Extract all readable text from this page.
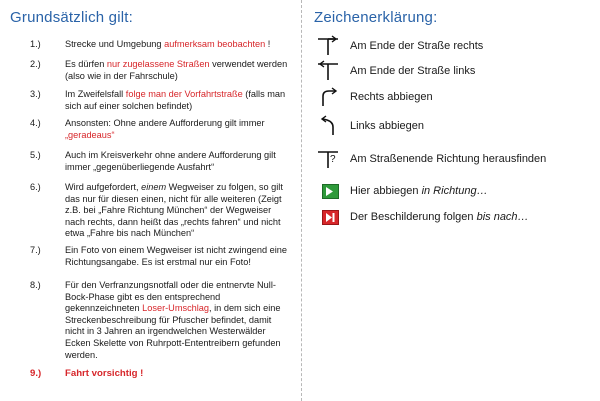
Grundsätzlich gilt:
1.)	Strecke und Umgebung aufmerksam beobachten !
2.)	Es dürfen nur zugelassene Straßen verwendet werden (also wie in der Fahrschule)
3.)	Im Zweifelsfall folge man der Vorfahrtstraße (falls man sich auf einer solchen befindet)
4.)	Ansonsten: Ohne andere Aufforderung gilt immer „geradeaus“
5.)	Auch im Kreisverkehr ohne andere Aufforderung gilt immer „gegenüberliegende Ausfahrt“
6.)	Wird aufgefordert, einem Wegweiser zu folgen, so gilt das nur für diesen einen, nicht für alle weiteren (Zeigt z.B. bei „Fahre Richtung München“ der Wegweiser nach rechts, dann heißt das „rechts fahren“ und nicht etwa „Fahre bis nach München“
7.)	Ein Foto von einem Wegweiser ist nicht zwingend eine Richtungsangabe. Es ist erstmal nur ein Foto!
8.)	Für den Verfranzungsnotfall oder die entnervte Null-Bock-Phase gibt es den entsprechend gekennzeichneten Loser-Umschlag, in dem sich eine Streckenbeschreibung für Pfuscher befindet, damit nicht in 3 Jahren an irgendwelchen Westerwälder Ecken Skelette von Ruhrpott-Ententreibern gefunden werden.
9.) Fahrt vorsichtig !
Zeichenerklärung:
Am Ende der Straße rechts
Am Ende der Straße links
Rechts abbiegen
Links abbiegen
? Am Straßenende Richtung herausfinden
Hier abbiegen in Richtung…
Der Beschilderung folgen bis nach…
